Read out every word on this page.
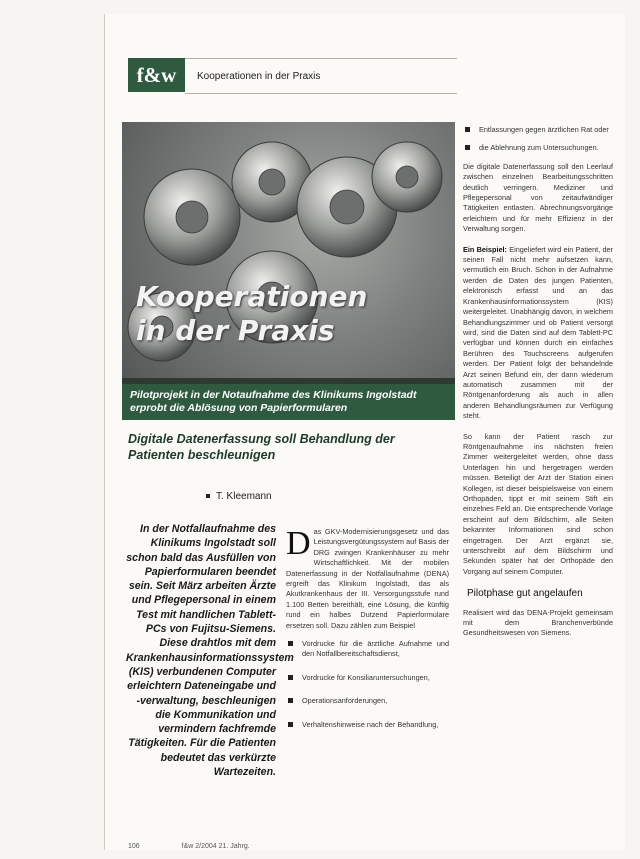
f&w	Kooperationen in der Praxis
Kooperationen
in der Praxis
Pilotprojekt in der Notaufnahme des Klinikums Ingolstadt erprobt die Ablösung von Papierformularen
Digitale Datenerfassung soll Behandlung der Patienten beschleunigen
T. Kleemann
In der Notfallaufnahme des Klinikums Ingolstadt soll schon bald das Ausfüllen von Papierformularen beendet sein. Seit März arbeiten Ärzte und Pflegepersonal in einem Test mit handlichen Tablett-PCs von Fujitsu-Siemens. Diese drahtlos mit dem Krankenhausinformationssystem (KIS) verbundenen Computer erleichtern Dateneingabe und -verwaltung, beschleunigen die Kommunikation und vermindern fachfremde Tätigkeiten. Für die Patienten bedeutet das verkürzte Wartezeiten.
D as GKV-Modernisierungsgesetz und das Leistungsvergütungssystem auf Basis der DRG zwingen Krankenhäuser zu mehr Wirtschaftlichkeit. Mit der mobilen Datenerfassung in der Notfallaufnahme (DENA) ergreift das Klinikum Ingolstadt, das als Akutkrankenhaus der III. Versorgungsstufe rund 1.100 Betten bereithält, eine Lösung, die künftig rund ein halbes Dutzend Papierformulare ersetzen soll. Dazu zählen zum Beispiel
Vordrucke für die ärztliche Aufnahme und den Notfallbereitschaftsdienst,
Vordrucke für Konsiliaruntersuchungen,
Operationsanforderungen,
Verhaltenshinweise nach der Behandlung,
Entlassungen gegen ärztlichen Rat oder
die Ablehnung zum Untersuchungen.

Die digitale Datenerfassung soll den Leerlauf zwischen einzelnen Bearbeitungsschritten deutlich verringern. Mediziner und Pflegepersonal von zeitaufwändiger Tätigkeiten entlasten. Abrechnungsvorgänge erleichtern und für mehr Effizienz in der Verwaltung sorgen.

Ein Beispiel: Eingeliefert wird ein Patient, der seinen Fall nicht mehr aufsetzen kann, vermutlich ein Bruch. Schon in der Aufnahme werden die Daten des jungen Patienten, elektronisch erfasst und an das Krankenhausinformationssystem (KIS) weitergeleitet. Unabhängig davon, in welchem Behandlungszimmer und ob Patient versorgt wird, sind die Daten sind auf dem Tablett-PC verfügbar und können durch ein einfaches Berühren des Touchscreens aufgerufen werden. Der Patient folgt der behandelnde Arzt seinen Befund ein, der dann wiederum automatisch zusammen mit der Röntgenanforderung als auch in allen anderen Behandlungsräumen zur Verfügung steht.

So kann der Patient rasch zur Röntgenaufnahme ins nächsten freien Zimmer weitergeleitet werden, ohne dass Unterlagen hin und hergetragen werden müssen. Beteiligt der Arzt der Station einen Kollegen, ist dieser beispielsweise von einem Orthopäden, tippt er mit seinem Stift ein einzelnes Feld an. Die entsprechende Vorlage erscheint auf dem Bildschirm, alle Seiten bekannter Informationen sind schon eingetragen. Der Arzt ergänzt sie, unterschreibt auf dem Bildschirm und Sekunden später hat der Orthopäde den Vorgang auf seinem Computer.

Pilotphase gut angelaufen

Realisiert wird das DENA-Projekt gemeinsam mit dem Branchenverbünde Gesundheitswesen von Siemens.

106	f&w 2/2004 21. Jahrg.
